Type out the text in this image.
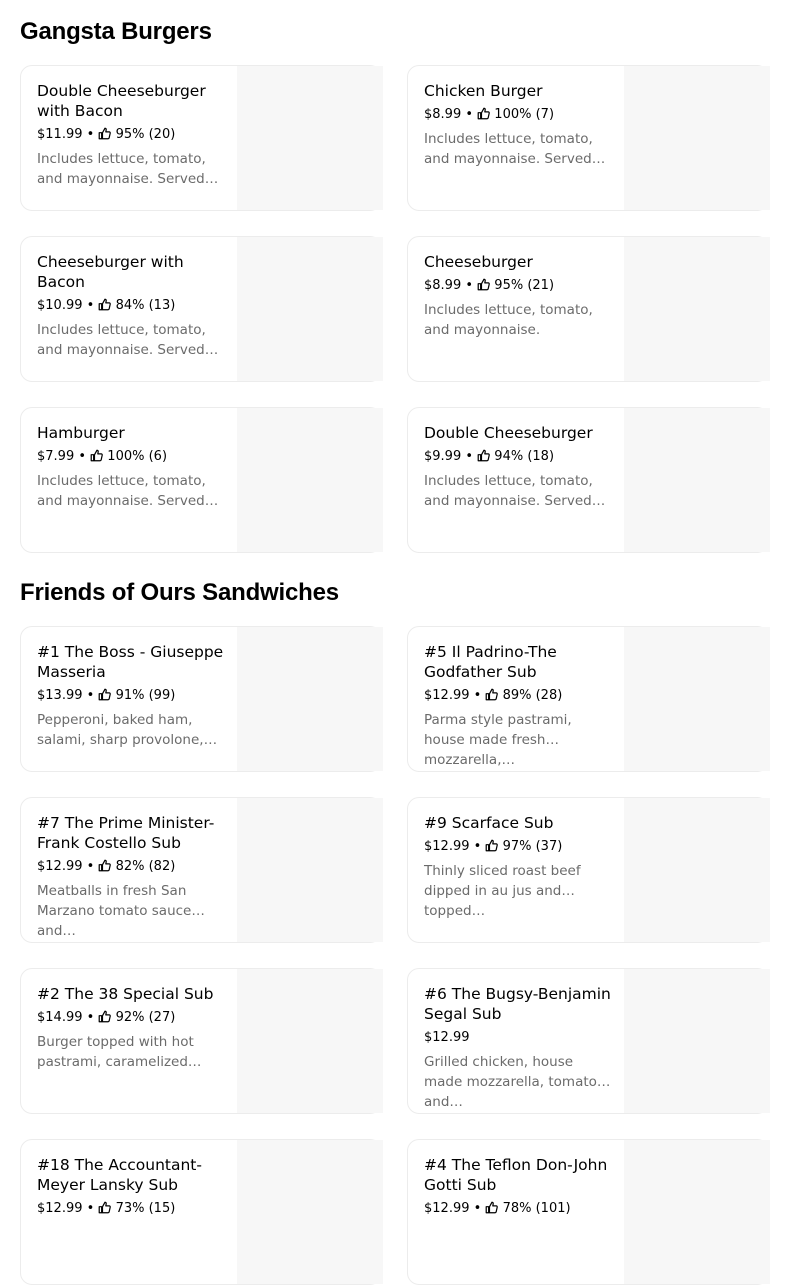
Gangsta Burgers
Double Cheeseburger with Bacon
$11.99 •  95% (20)
Includes lettuce, tomato, and mayonnaise. Served…
Chicken Burger
$8.99 •  100% (7)
Includes lettuce, tomato, and mayonnaise. Served…
Cheeseburger with Bacon
$10.99 •  84% (13)
Includes lettuce, tomato, and mayonnaise. Served…
Cheeseburger
$8.99 •  95% (21)
Includes lettuce, tomato, and mayonnaise.
Hamburger
$7.99 •  100% (6)
Includes lettuce, tomato, and mayonnaise. Served…
Double Cheeseburger
$9.99 •  94% (18)
Includes lettuce, tomato, and mayonnaise. Served…
Friends of Ours Sandwiches
#1 The Boss - Giuseppe Masseria
$13.99 •  91% (99)
Pepperoni, baked ham, salami, sharp provolone,…
#5 Il Padrino-The Godfather Sub
$12.99 •  89% (28)
Parma style pastrami, house made fresh mozzarella,…
#7 The Prime Minister-Frank Costello Sub
$12.99 •  82% (82)
Meatballs in fresh San Marzano tomato sauce and…
#9 Scarface Sub
$12.99 •  97% (37)
Thinly sliced roast beef dipped in au jus and topped…
#2 The 38 Special Sub
$14.99 •  92% (27)
Burger topped with hot pastrami, caramelized…
#6 The Bugsy-Benjamin Segal Sub
$12.99
Grilled chicken, house made mozzarella, tomato, and…
#18 The Accountant-Meyer Lansky Sub
$12.99 •  73% (15)
#4 The Teflon Don-John Gotti Sub
$12.99 •  78% (101)
